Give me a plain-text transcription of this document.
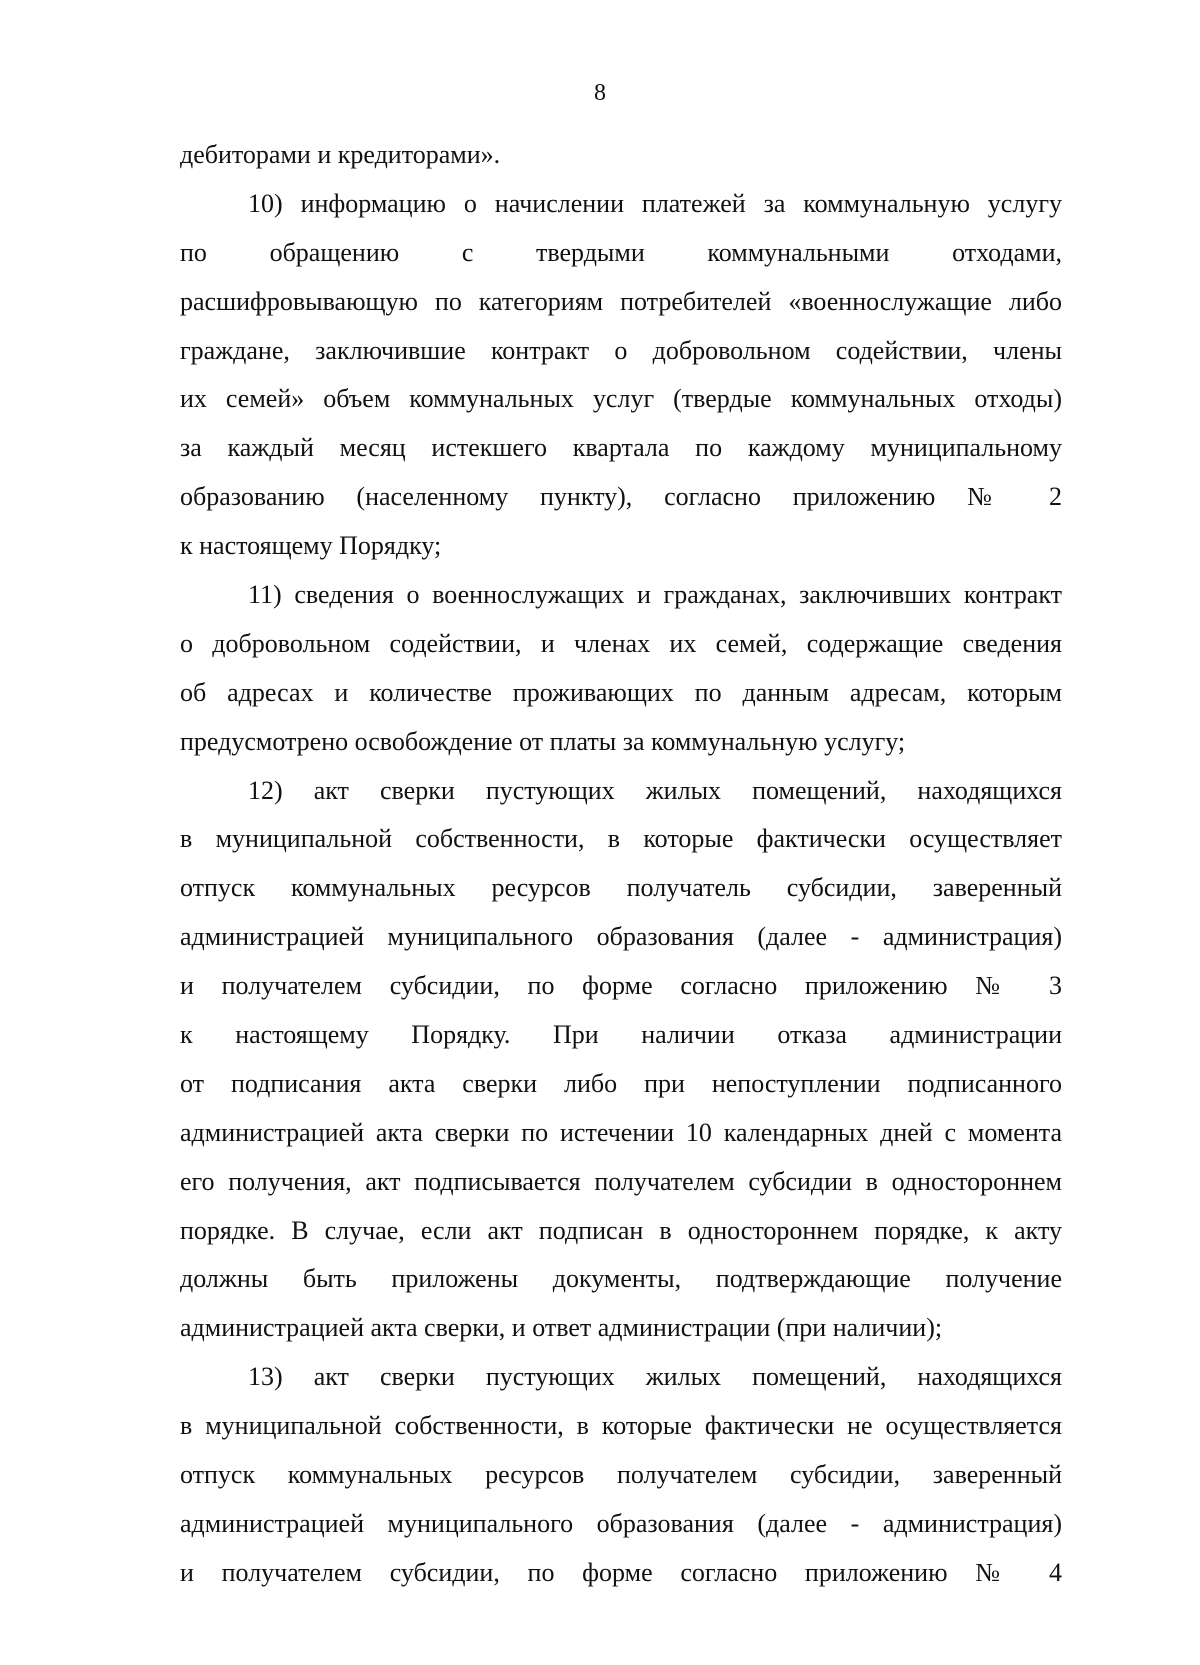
8
дебиторами и кредиторами».
10) информацию о начислении платежей за коммунальную услугу
по обращению с твердыми коммунальными отходами,
расшифровывающую по категориям потребителей «военнослужащие либо
граждане, заключившие контракт о добровольном содействии, члены
их семей» объем коммунальных услуг (твердые коммунальных отходы)
за каждый месяц истекшего квартала по каждому муниципальному
образованию (населенному пункту), согласно приложению № 2
к настоящему Порядку;
11) сведения о военнослужащих и гражданах, заключивших контракт
о добровольном содействии, и членах их семей, содержащие сведения
об адресах и количестве проживающих по данным адресам, которым
предусмотрено освобождение от платы за коммунальную услугу;
12) акт сверки пустующих жилых помещений, находящихся
в муниципальной собственности, в которые фактически осуществляет
отпуск коммунальных ресурсов получатель субсидии, заверенный
администрацией муниципального образования (далее - администрация)
и получателем субсидии, по форме согласно приложению № 3
к настоящему Порядку. При наличии отказа администрации
от подписания акта сверки либо при непоступлении подписанного
администрацией акта сверки по истечении 10 календарных дней с момента
его получения, акт подписывается получателем субсидии в одностороннем
порядке. В случае, если акт подписан в одностороннем порядке, к акту
должны быть приложены документы, подтверждающие получение
администрацией акта сверки, и ответ администрации (при наличии);
13) акт сверки пустующих жилых помещений, находящихся
в муниципальной собственности, в которые фактически не осуществляется
отпуск коммунальных ресурсов получателем субсидии, заверенный
администрацией муниципального образования (далее - администрация)
и получателем субсидии, по форме согласно приложению № 4
